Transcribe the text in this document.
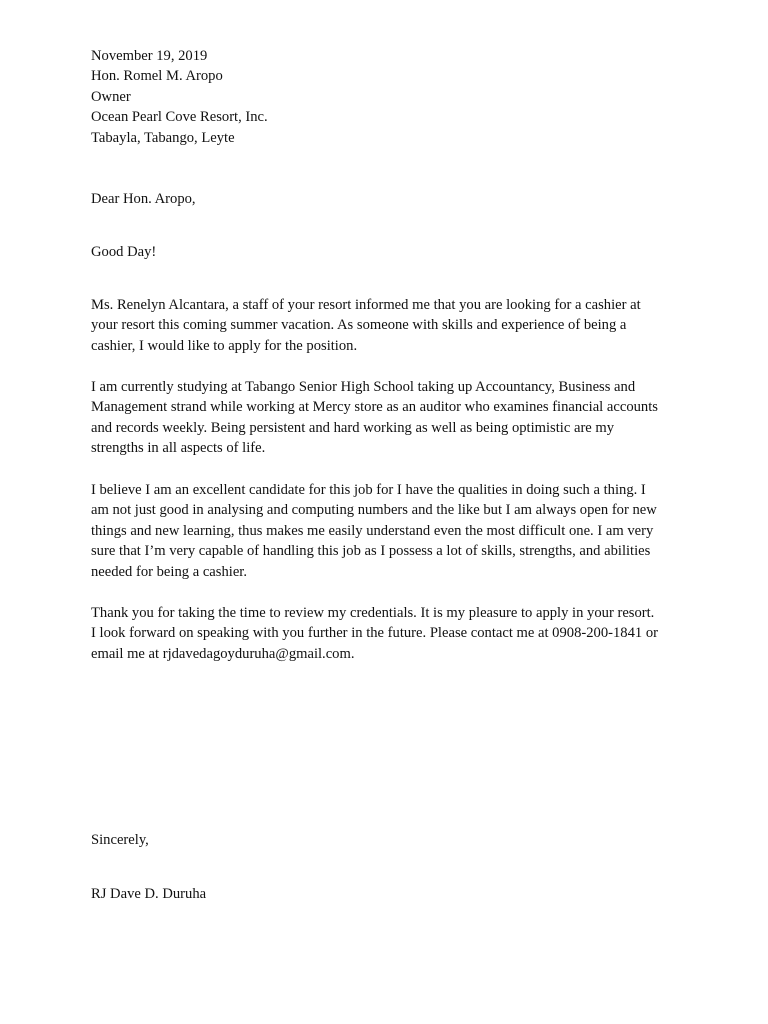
November 19, 2019
Hon. Romel M. Aropo
Owner
Ocean Pearl Cove Resort, Inc.
Tabayla, Tabango, Leyte
Dear Hon. Aropo,
Good Day!
Ms. Renelyn Alcantara, a staff of your resort informed me that you are looking for a cashier at
your resort this coming summer vacation. As someone with skills and experience of being a
cashier, I would like to apply for the position.
I am currently studying at Tabango Senior High School taking up Accountancy, Business and
Management strand while working at Mercy store as an auditor who examines financial accounts
and records weekly. Being persistent and hard working as well as being optimistic are my
strengths in all aspects of life.
I believe I am an excellent candidate for this job for I have the qualities in doing such a thing. I
am not just good in analysing and computing numbers and the like but I am always open for new
things and new learning, thus makes me easily understand even the most difficult one. I am very
sure that I’m very capable of handling this job as I possess a lot of skills, strengths, and abilities
needed for being a cashier.
Thank you for taking the time to review my credentials. It is my pleasure to apply in your resort.
I look forward on speaking with you further in the future. Please contact me at 0908-200-1841 or
email me at rjdavedagoyduruha@gmail.com.
Sincerely,
RJ Dave D. Duruha
